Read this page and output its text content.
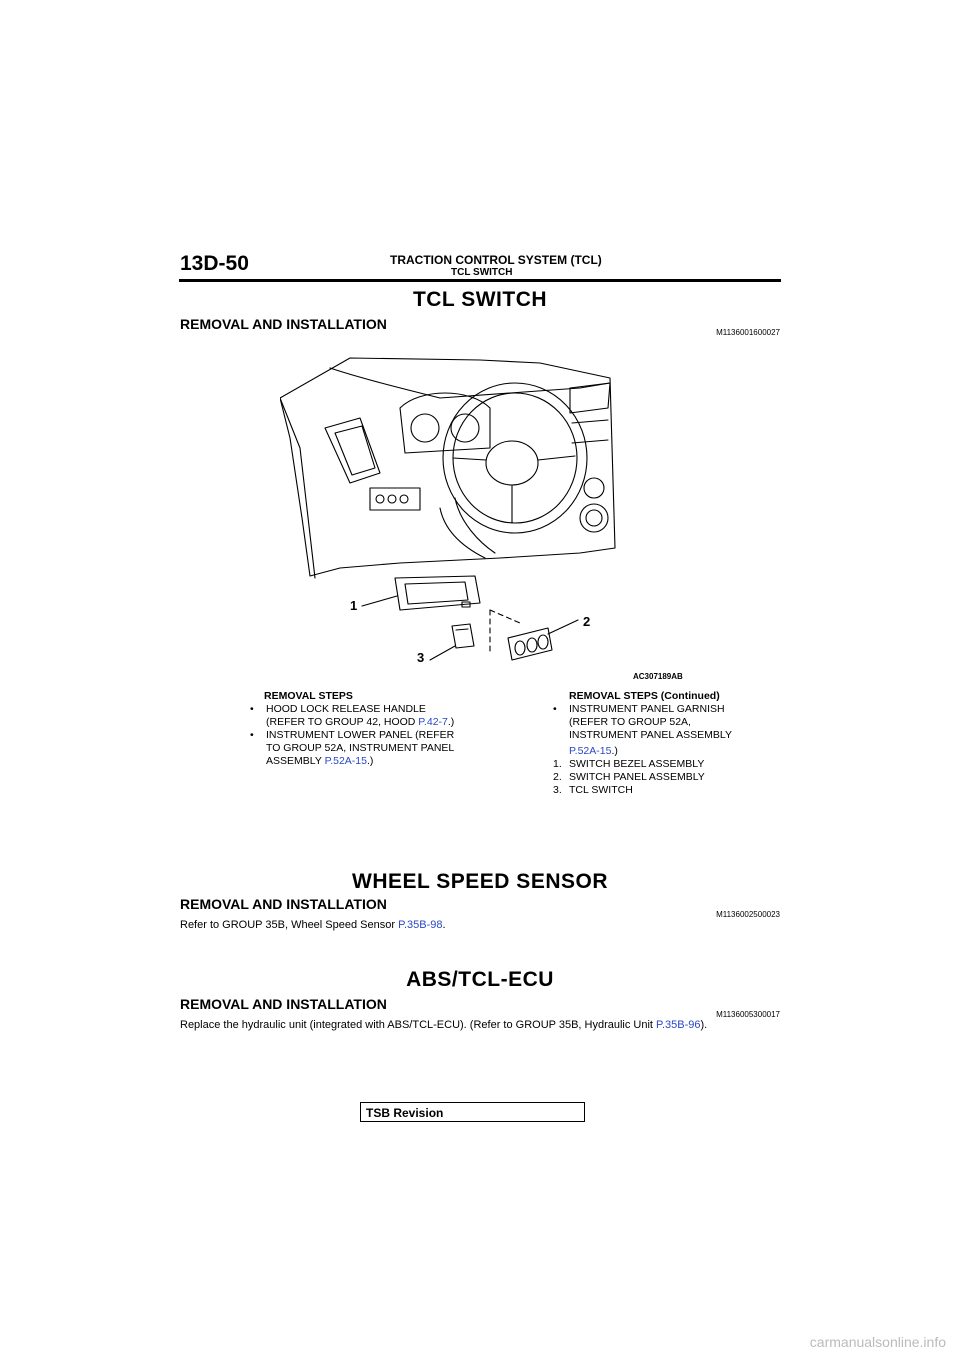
13D-50	TRACTION CONTROL SYSTEM (TCL)
TCL SWITCH
TCL SWITCH
REMOVAL AND INSTALLATION
M1136001600027
1
2
3
AC307189AB
REMOVAL STEPS
• HOOD LOCK RELEASE HANDLE
(REFER TO GROUP 42, HOOD P.42-7.)
• INSTRUMENT LOWER PANEL (REFER
TO GROUP 52A, INSTRUMENT PANEL
ASSEMBLY P.52A-15.)
REMOVAL STEPS (Continued)
• INSTRUMENT PANEL GARNISH
(REFER TO GROUP 52A,
INSTRUMENT PANEL ASSEMBLY
P.52A-15.)
1. SWITCH BEZEL ASSEMBLY
2. SWITCH PANEL ASSEMBLY
3. TCL SWITCH
WHEEL SPEED SENSOR
REMOVAL AND INSTALLATION
M1136002500023
Refer to GROUP 35B, Wheel Speed Sensor P.35B-98.
ABS/TCL-ECU
REMOVAL AND INSTALLATION
M1136005300017
Replace the hydraulic unit (integrated with ABS/TCL-ECU). (Refer to GROUP 35B, Hydraulic Unit P.35B-96).
TSB Revision
carmanualsonline.info
